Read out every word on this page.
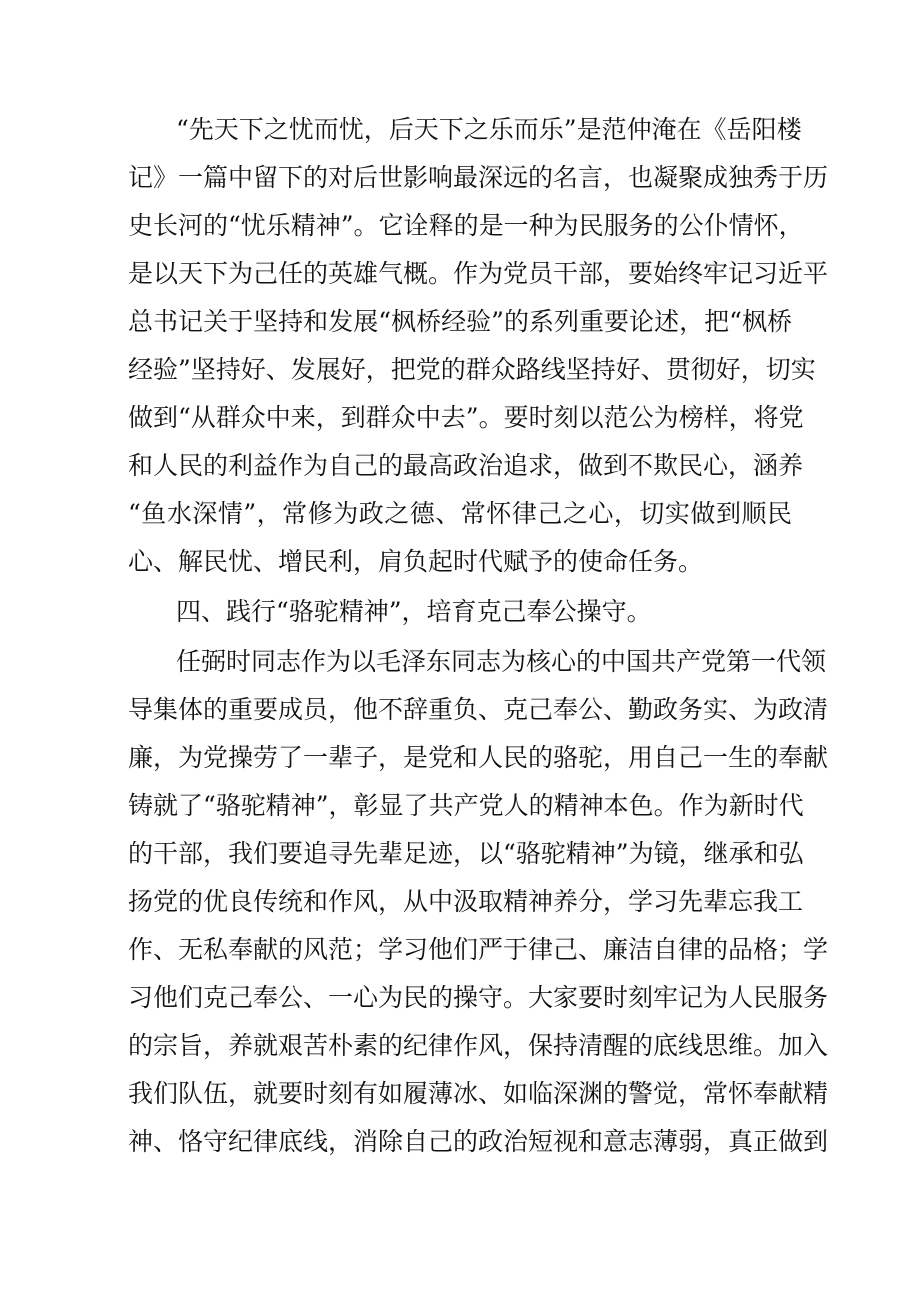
“先天下之忧而忧，后天下之乐而乐”是范仲淹在《岳阳楼
记》一篇中留下的对后世影响最深远的名言，也凝聚成独秀于历
史长河的“忧乐精神”。它诠释的是一种为民服务的公仆情怀，
是以天下为己任的英雄气概。作为党员干部，要始终牢记习近平
总书记关于坚持和发展“枫桥经验”的系列重要论述，把“枫桥
经验”坚持好、发展好，把党的群众路线坚持好、贯彻好，切实
做到“从群众中来，到群众中去”。要时刻以范公为榜样，将党
和人民的利益作为自己的最高政治追求，做到不欺民心，涵养
“鱼水深情”，常修为政之德、常怀律己之心，切实做到顺民
心、解民忧、增民利，肩负起时代赋予的使命任务。
四、践行“骆驼精神”，培育克己奉公操守。
任弼时同志作为以毛泽东同志为核心的中国共产党第一代领
导集体的重要成员，他不辞重负、克己奉公、勤政务实、为政清
廉，为党操劳了一辈子，是党和人民的骆驼，用自己一生的奉献
铸就了“骆驼精神”，彰显了共产党人的精神本色。作为新时代
的干部，我们要追寻先辈足迹，以“骆驼精神”为镜，继承和弘
扬党的优良传统和作风，从中汲取精神养分，学习先辈忘我工
作、无私奉献的风范；学习他们严于律己、廉洁自律的品格；学
习他们克己奉公、一心为民的操守。大家要时刻牢记为人民服务
的宗旨，养就艰苦朴素的纪律作风，保持清醒的底线思维。加入
我们队伍，就要时刻有如履薄冰、如临深渊的警觉，常怀奉献精
神、恪守纪律底线，消除自己的政治短视和意志薄弱，真正做到
